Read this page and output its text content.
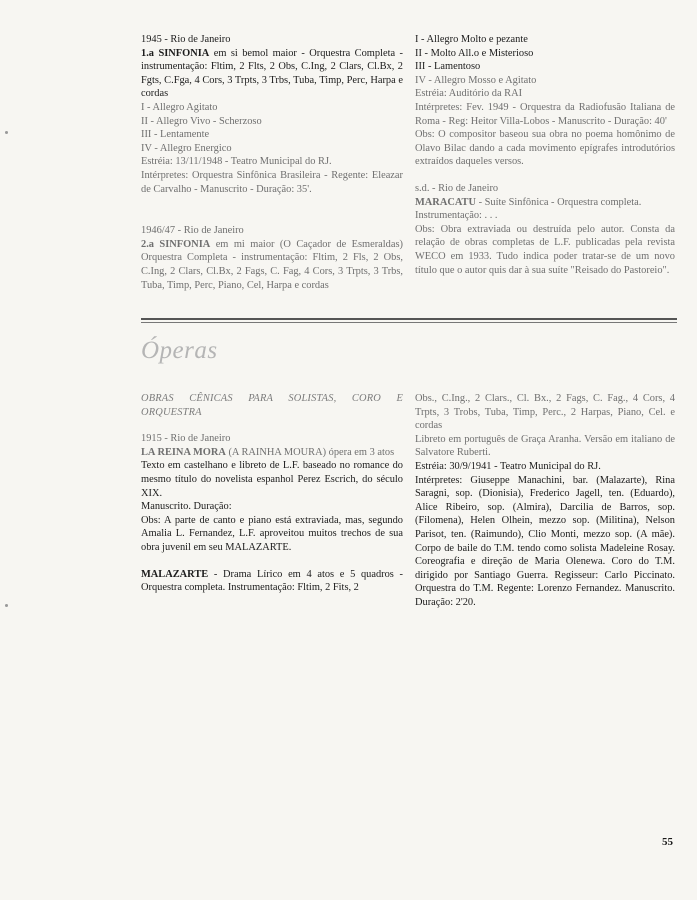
1945 - Rio de Janeiro

1.a SINFONIA em si bemol maior - Orquestra Completa - instrumentação: Fltim, 2 Flts, 2 Obs, C.Ing, 2 Clars, Cl.Bx, 2 Fgts, C.Fga, 4 Cors, 3 Trpts, 3 Trbs, Tuba, Timp, Perc, Harpa e cordas

I - Allegro Agitato

II - Allegro Vivo - Scherzoso

III - Lentamente

IV - Allegro Energico

Estréia: 13/11/1948 - Teatro Municipal do RJ.

Intérpretes: Orquestra Sinfônica Brasileira - Regente: Eleazar de Carvalho - Manuscrito - Duração: 35'.

1946/47 - Rio de Janeiro

2.a SINFONIA em mi maior (O Caçador de Esmeraldas) Orquestra Completa - instrumentação: Fltim, 2 Fls, 2 Obs, C.Ing, 2 Clars, Cl.Bx, 2 Fags, C. Fag, 4 Cors, 3 Trpts, 3 Trbs, Tuba, Timp, Perc, Piano, Cel, Harpa e cordas

I - Allegro Molto e pezante

II - Molto All.o e Misterioso

III - Lamentoso

IV - Allegro Mosso e Agitato

Estréia: Auditório da RAI

Intérpretes: Fev. 1949 - Orquestra da Radiofusão Italiana de Roma - Reg: Heitor Villa-Lobos - Manuscrito - Duração: 40'

Obs: O compositor baseou sua obra no poema homônimo de Olavo Bilac dando a cada movimento epígrafes introdutórios extraídos daqueles versos.

s.d. - Rio de Janeiro

MARACATU - Suíte Sinfônica - Orquestra completa.

Instrumentação: . . .

Obs: Obra extraviada ou destruída pelo autor. Consta da relação de obras completas de L.F. publicadas pela revista WECO em 1933. Tudo indica poder tratar-se de um novo título que o autor quis dar à sua suíte "Reisado do Pastoreio".

Óperas

OBRAS CÊNICAS PARA SOLISTAS, CORO E ORQUESTRA

1915 - Rio de Janeiro

LA REINA MORA (A RAINHA MOURA) ópera em 3 atos

Texto em castelhano e libreto de L.F. baseado no romance do mesmo título do novelista espanhol Perez Escrich, do século XIX.

Manuscrito. Duração:

Obs: A parte de canto e piano está extraviada, mas, segundo Amalia L. Fernandez, L.F. aproveitou muitos trechos de sua obra juvenil em seu MALAZARTE.

MALAZARTE - Drama Lírico em 4 atos e 5 quadros - Orquestra completa. Instrumentação: Fltim, 2 Fits, 2

Obs., C.Ing., 2 Clars., Cl. Bx., 2 Fags, C. Fag., 4 Cors, 4 Trpts, 3 Trobs, Tuba, Timp, Perc., 2 Harpas, Piano, Cel. e cordas

Libreto em português de Graça Aranha. Versão em italiano de Salvatore Ruberti.

Estréia: 30/9/1941 - Teatro Municipal do RJ.

Intérpretes: Giuseppe Manachini, bar. (Malazarte), Rina Saragni, sop. (Dionisia), Frederico Jagell, ten. (Eduardo), Alice Ribeiro, sop. (Almira), Darcilia de Barros, sop. (Filomena), Helen Olhein, mezzo sop. (Militina), Nelson Parisot, ten. (Raimundo), Clio Monti, mezzo sop. (A mãe). Corpo de baile do T.M. tendo como solista Madeleine Rosay. Coreografia e direção de Maria Olenewa. Coro do T.M. dirigido por Santiago Guerra. Regisseur: Carlo Piccinato. Orquestra do T.M. Regente: Lorenzo Fernandez. Manuscrito. Duração: 2'20.

55
